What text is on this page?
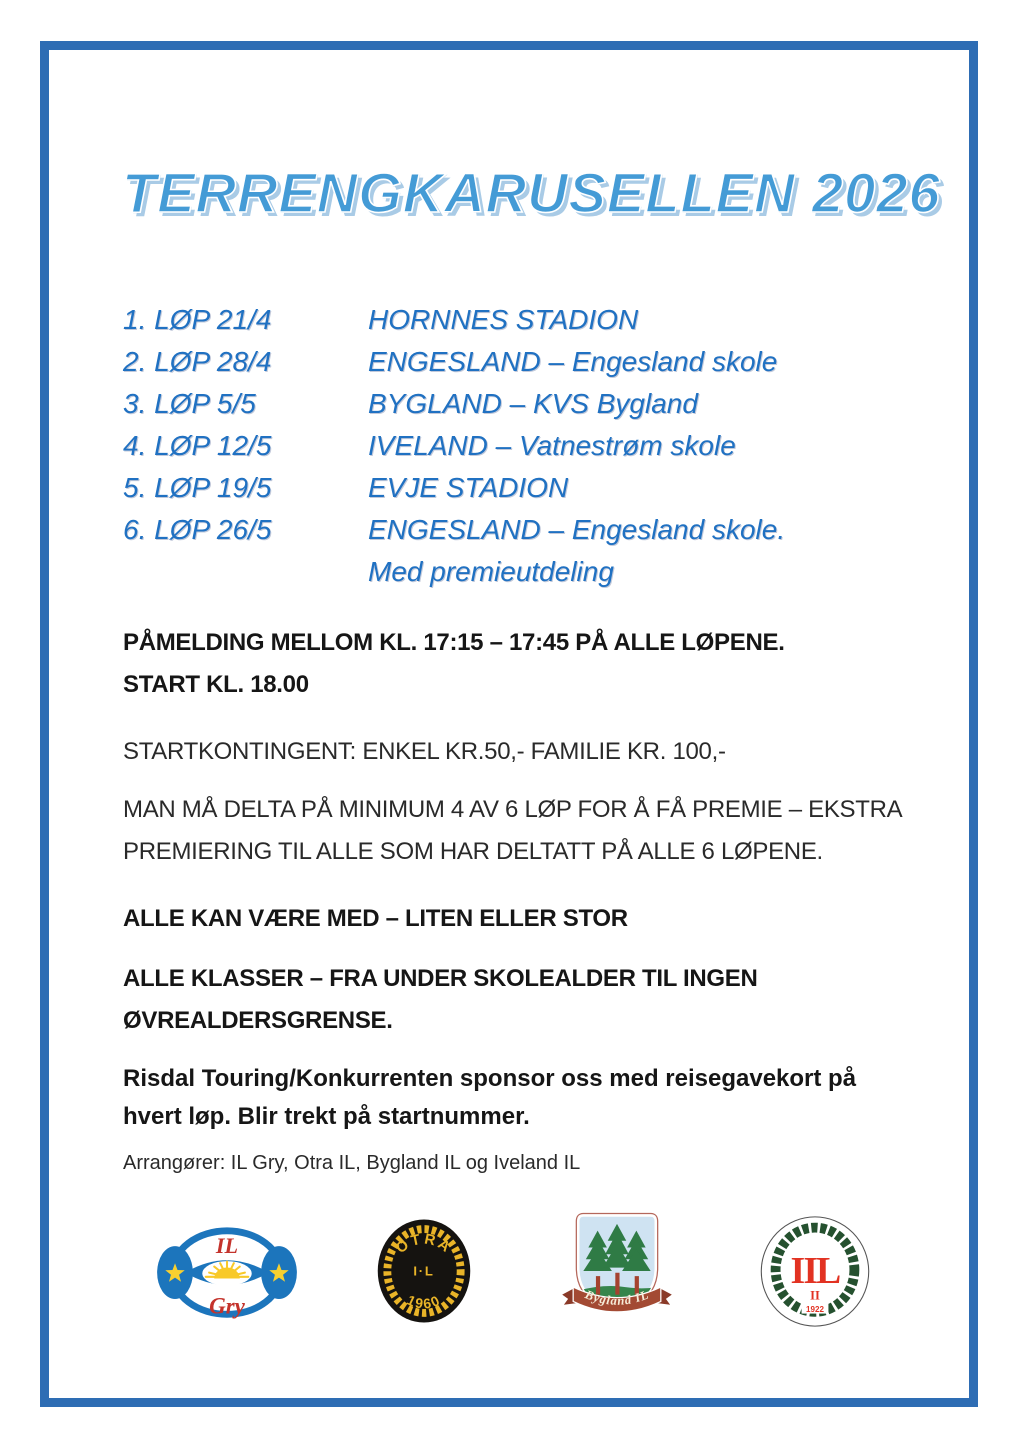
TERRENGKARUSELLEN 2026
1. LØP 21/4	HORNNES STADION
2. LØP 28/4	ENGESLAND – Engesland skole
3. LØP 5/5	BYGLAND – KVS Bygland
4. LØP 12/5	IVELAND – Vatnestrøm skole
5. LØP 19/5	EVJE STADION
6. LØP 26/5	ENGESLAND – Engesland skole.
Med premieutdeling
PÅMELDING MELLOM KL. 17:15 – 17:45 PÅ ALLE LØPENE.
START KL. 18.00
STARTKONTINGENT: ENKEL KR.50,- FAMILIE KR. 100,-
MAN MÅ DELTA PÅ MINIMUM 4 AV 6 LØP FOR Å FÅ PREMIE – EKSTRA
PREMIERING TIL ALLE SOM HAR DELTATT PÅ ALLE 6 LØPENE.
ALLE KAN VÆRE MED – LITEN ELLER STOR
ALLE KLASSER – FRA UNDER SKOLEALDER TIL INGEN
ØVREALDERSGRENSE.
Risdal Touring/Konkurrenten sponsor oss med reisegavekort på
hvert løp. Blir trekt på startnummer.
Arrangører: IL Gry, Otra IL, Bygland IL og Iveland IL
IL
Gry
OTRA
I·L
1960	Bygland IL
IIL
II
1922
